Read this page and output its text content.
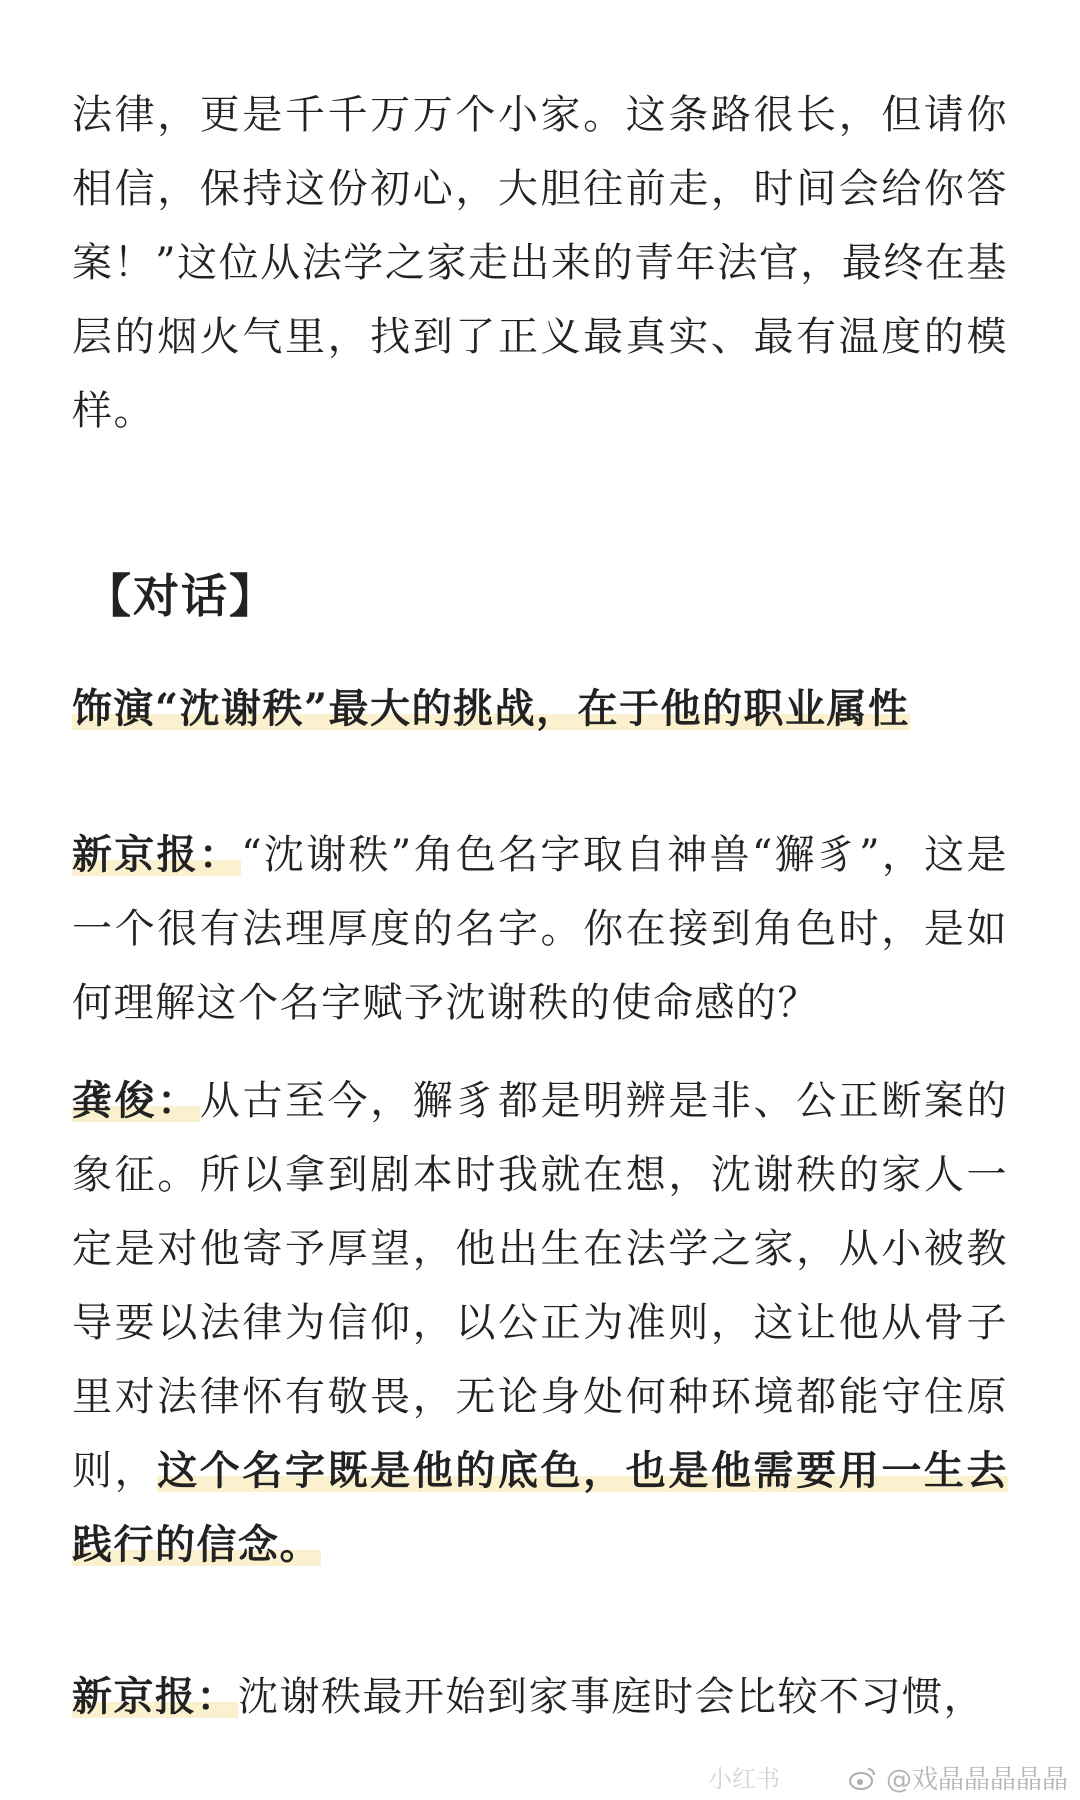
法律，更是千千万万个小家。这条路很长，但请你相信，保持这份初心，大胆往前走，时间会给你答案！”这位从法学之家走出来的青年法官，最终在基层的烟火气里，找到了正义最真实、最有温度的模样。

【对话】

饰演“沈谢秩”最大的挑战，在于他的职业属性

新京报：“沈谢秩”角色名字取自神兽“獬豸”，这是一个很有法理厚度的名字。你在接到角色时，是如何理解这个名字赋予沈谢秩的使命感的？

龚俊：从古至今，獬豸都是明辨是非、公正断案的象征。所以拿到剧本时我就在想，沈谢秩的家人一定是对他寄予厚望，他出生在法学之家，从小被教导要以法律为信仰，以公正为准则，这让他从骨子里对法律怀有敬畏，无论身处何种环境都能守住原则，这个名字既是他的底色，也是他需要用一生去践行的信念。

新京报：沈谢秩最开始到家事庭时会比较不习惯，

小红书	@戏晶晶晶晶晶
